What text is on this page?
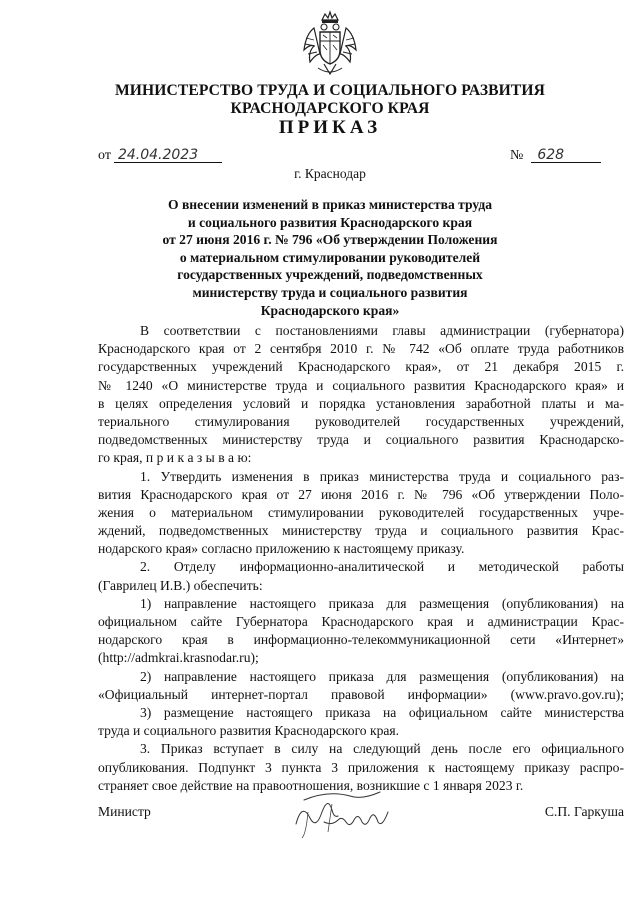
МИНИСТЕРСТВО ТРУДА И СОЦИАЛЬНОГО РАЗВИТИЯ
КРАСНОДАРСКОГО КРАЯ
ПРИКАЗ
от 24.04.2023	№ 628
г. Краснодар
О внесении изменений в приказ министерства труда
и социального развития Краснодарского края
от 27 июня 2016 г. № 796 «Об утверждении Положения
о материальном стимулировании руководителей
государственных учреждений, подведомственных
министерству труда и социального развития
Краснодарского края»
В соответствии с постановлениями главы администрации (губернатора)
Краснодарского края от 2 сентября 2010 г. № 742 «Об оплате труда работников
государственных учреждений Краснодарского края», от 21 декабря 2015 г.
№ 1240 «О министерстве труда и социального развития Краснодарского края» и
в целях определения условий и порядка установления заработной платы и ма-
териального стимулирования руководителей государственных учреждений,
подведомственных министерству труда и социального развития Краснодарско-
го края, п р и к а з ы в а ю:
1. Утвердить изменения в приказ министерства труда и социального раз-
вития Краснодарского края от 27 июня 2016 г. № 796 «Об утверждении Поло-
жения о материальном стимулировании руководителей государственных учре-
ждений, подведомственных министерству труда и социального развития Крас-
нодарского края» согласно приложению к настоящему приказу.
2. Отделу информационно-аналитической и методической работы
(Гаврилец И.В.) обеспечить:
1) направление настоящего приказа для размещения (опубликования) на
официальном сайте Губернатора Краснодарского края и администрации Крас-
нодарского края в информационно-телекоммуникационной сети «Интернет»
(http://admkrai.krasnodar.ru);
2) направление настоящего приказа для размещения (опубликования) на
«Официальный интернет-портал правовой информации» (www.pravo.gov.ru);
3) размещение настоящего приказа на официальном сайте министерства
труда и социального развития Краснодарского края.
3. Приказ вступает в силу на следующий день после его официального
опубликования. Подпункт 3 пункта 3 приложения к настоящему приказу распро-
страняет свое действие на правоотношения, возникшие с 1 января 2023 г.
Министр	С.П. Гаркуша
